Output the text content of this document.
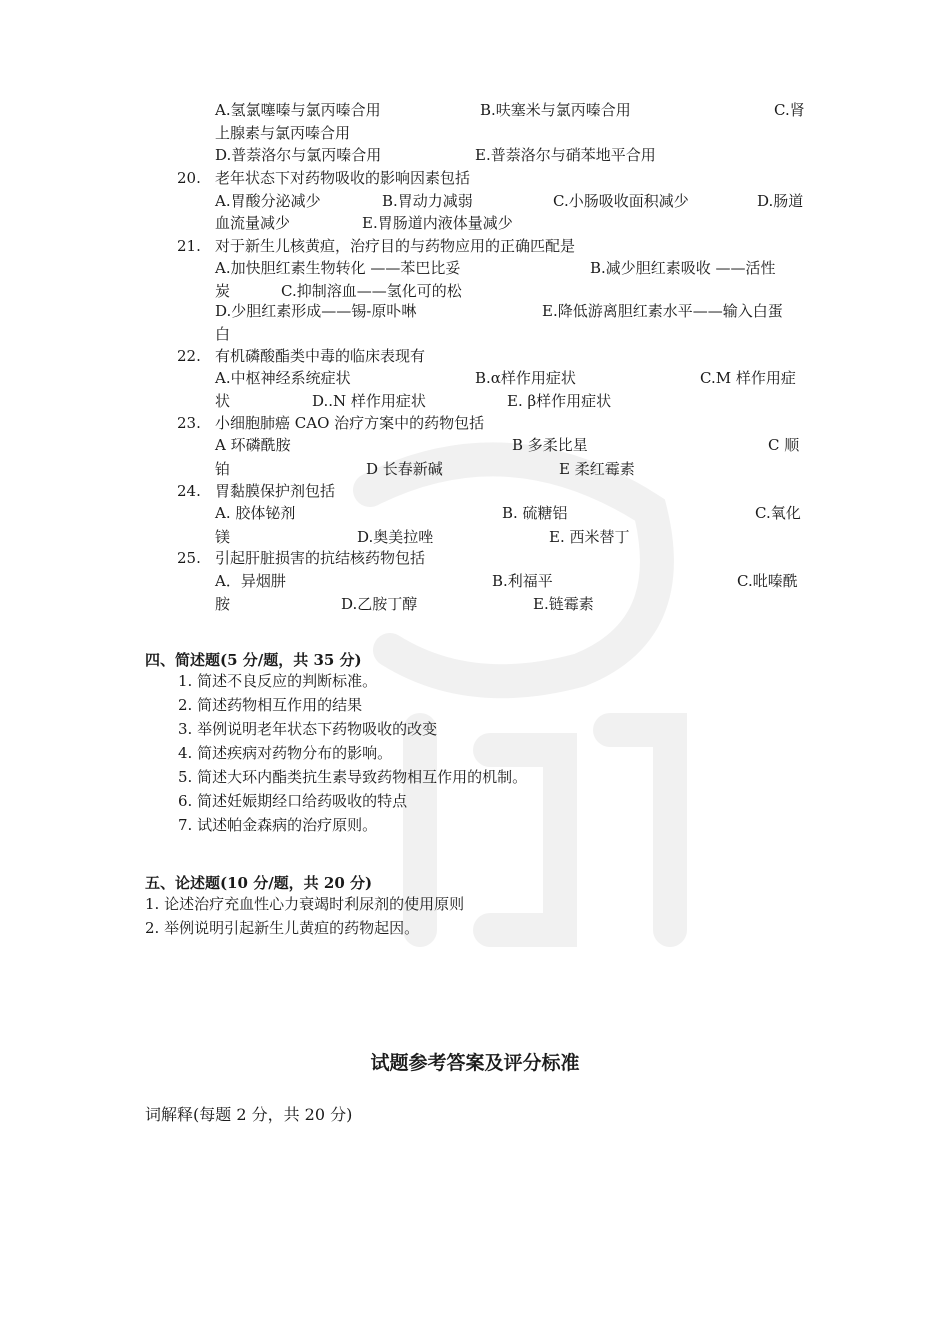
A.氢氯噻嗪与氯丙嗪合用	B.呋塞米与氯丙嗪合用	C.肾
上腺素与氯丙嗪合用
D.普萘洛尔与氯丙嗪合用	E.普萘洛尔与硝苯地平合用
20. 老年状态下对药物吸收的影响因素包括
A.胃酸分泌减少	B.胃动力减弱	C.小肠吸收面积减少	D.肠道
血流量减少	E.胃肠道内液体量减少
21. 对于新生儿核黄疸，治疗目的与药物应用的正确匹配是
A.加快胆红素生物转化 ——苯巴比妥	B.减少胆红素吸收 ——活性
炭	C.抑制溶血——氢化可的松
D.少胆红素形成——锡-原卟啉	E.降低游离胆红素水平——输入白蛋
白
22. 有机磷酸酯类中毒的临床表现有
A.中枢神经系统症状	B.α样作用症状	C.M 样作用症
状	D..N 样作用症状	E. β样作用症状
23. 小细胞肺癌 CAO 治疗方案中的药物包括
A 环磷酰胺	B 多柔比星	C 顺
铂	D 长春新碱	E 柔红霉素
24. 胃黏膜保护剂包括
A. 胶体铋剂	B. 硫糖铝	C.氧化
镁	D.奥美拉唑	E. 西米替丁
25. 引起肝脏损害的抗结核药物包括
A．异烟肼	B.利福平	C.吡嗪酰
胺	D.乙胺丁醇	E.链霉素
四、简述题(5 分/题，共 35 分)
1. 简述不良反应的判断标准。
2. 简述药物相互作用的结果
3. 举例说明老年状态下药物吸收的改变
4. 简述疾病对药物分布的影响。
5. 简述大环内酯类抗生素导致药物相互作用的机制。
6. 简述妊娠期经口给药吸收的特点
7. 试述帕金森病的治疗原则。
五、论述题(10 分/题，共 20 分)
1. 论述治疗充血性心力衰竭时利尿剂的使用原则
2. 举例说明引起新生儿黄疸的药物起因。
试题参考答案及评分标准
词解释(每题 2 分，共 20 分)
